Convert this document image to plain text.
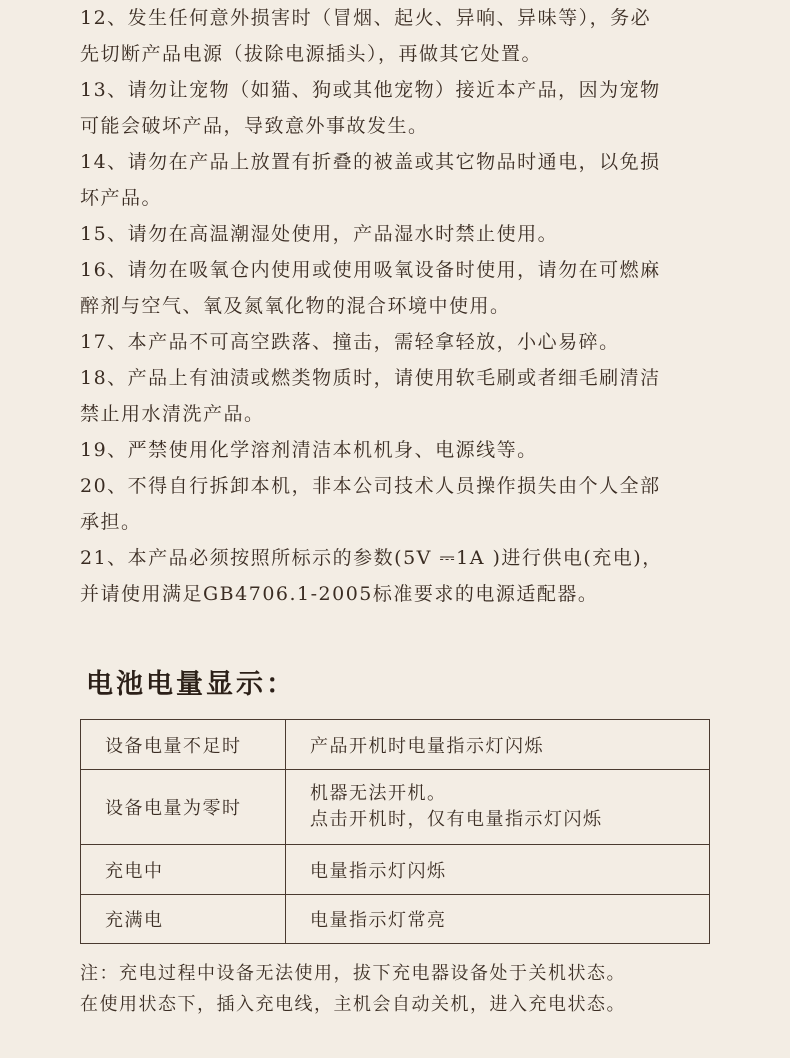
12、发生任何意外损害时（冒烟、起火、异响、异味等），务必

先切断产品电源（拔除电源插头），再做其它处置。

13、请勿让宠物（如猫、狗或其他宠物）接近本产品，因为宠物

可能会破坏产品，导致意外事故发生。

14、请勿在产品上放置有折叠的被盖或其它物品时通电，以免损

坏产品。

15、请勿在高温潮湿处使用，产品湿水时禁止使用。

16、请勿在吸氧仓内使用或使用吸氧设备时使用，请勿在可燃麻

醉剂与空气、氧及氮氧化物的混合环境中使用。

17、本产品不可高空跌落、撞击，需轻拿轻放，小心易碎。

18、产品上有油渍或燃类物质时，请使用软毛刷或者细毛刷清洁

禁止用水清洗产品。

19、严禁使用化学溶剂清洁本机机身、电源线等。

20、不得自行拆卸本机，非本公司技术人员操作损失由个人全部

承担。

21、本产品必须按照所标示的参数(5V ⎓1A )进行供电(充电)，

并请使用满足GB4706.1-2005标准要求的电源适配器。

电池电量显示：
设备电量不足时	产品开机时电量指示灯闪烁
设备电量为零时	机器无法开机。
点击开机时，仅有电量指示灯闪烁

充电中	电量指示灯闪烁
充满电	电量指示灯常亮

注：充电过程中设备无法使用，拔下充电器设备处于关机状态。

在使用状态下，插入充电线，主机会自动关机，进入充电状态。
